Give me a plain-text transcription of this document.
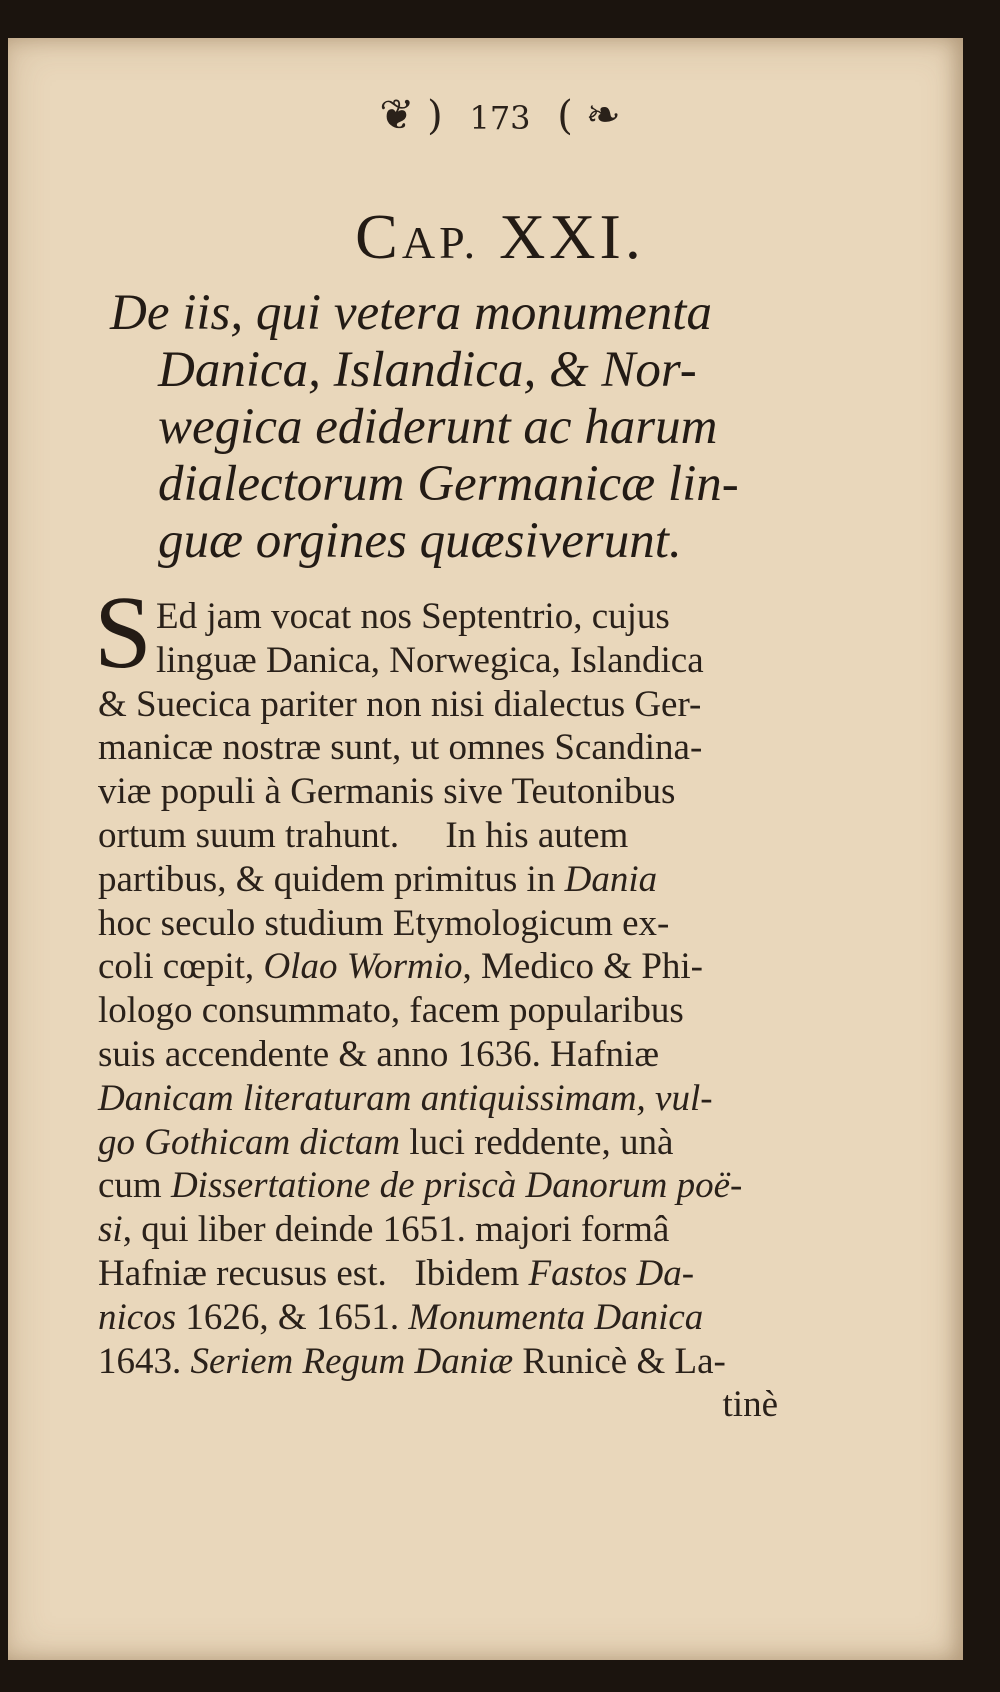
❦ ) 173 ( ❧
CAP. XXI.
De iis, qui vetera monumenta
Danica, Islandica, & Nor-
wegica ediderunt ac harum
dialectorum Germanicæ lin-
guæ orgines quæsiverunt.
S Ed jam vocat nos Septentrio, cujus
linguæ Danica, Norwegica, Islandica
& Suecica pariter non nisi dialectus Ger-
manicæ nostræ sunt, ut omnes Scandina-
viæ populi à Germanis sive Teutonibus
ortum suum trahunt.     In his autem
partibus, & quidem primitus in Dania
hoc seculo studium Etymologicum ex-
coli cœpit, Olao Wormio, Medico & Phi-
lologo consummato, facem popularibus
suis accendente & anno 1636. Hafniæ
Danicam literaturam antiquissimam, vul-
go Gothicam dictam luci reddente, unà
cum Dissertatione de priscà Danorum poë-
si, qui liber deinde 1651. majori formâ
Hafniæ recusus est.   Ibidem Fastos Da-
nicos 1626, & 1651. Monumenta Danica
1643. Seriem Regum Daniæ Runicè & La-
tinè
